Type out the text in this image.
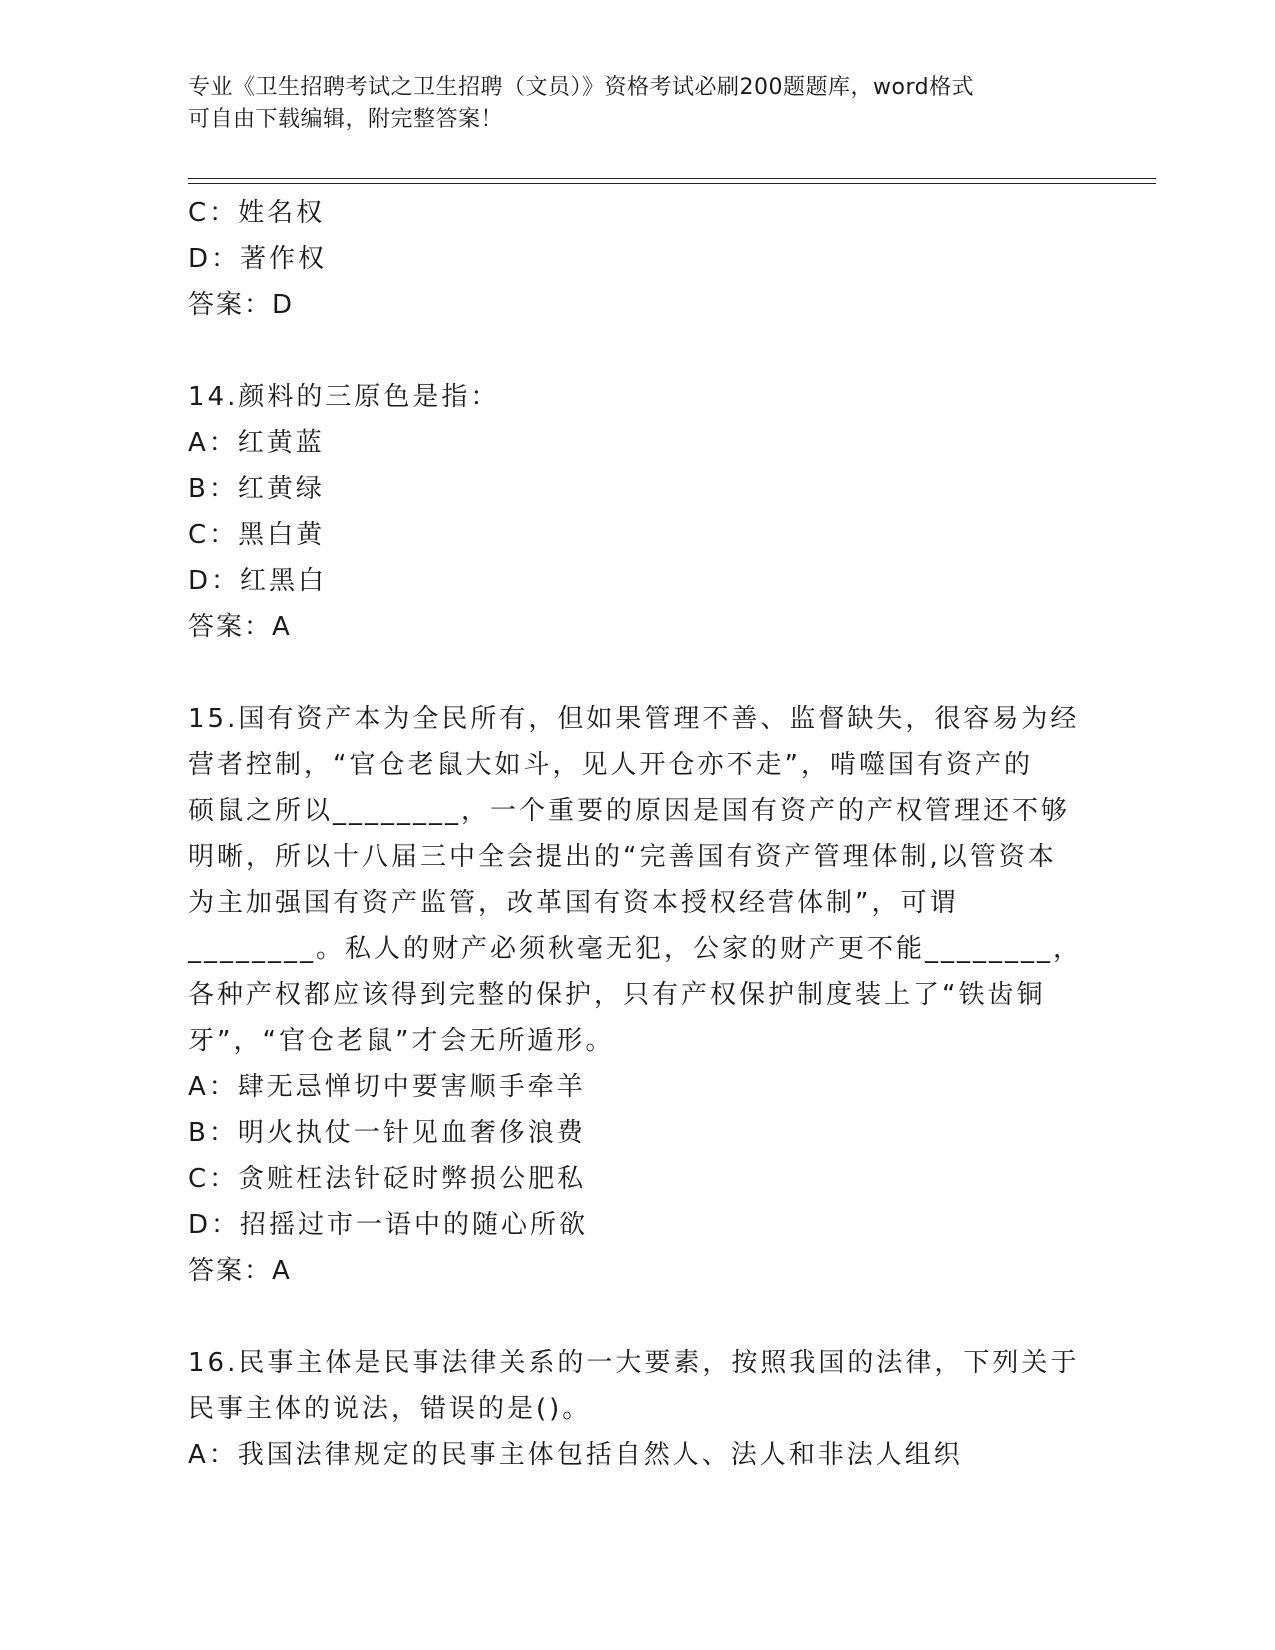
专业《卫生招聘考试之卫生招聘（文员）》资格考试必刷200题题库，word格式
可自由下载编辑，附完整答案！
C：姓名权
D：著作权
答案：D
14.颜料的三原色是指：
A：红黄蓝
B：红黄绿
C：黑白黄
D：红黑白
答案：A
15.国有资产本为全民所有，但如果管理不善、监督缺失，很容易为经
营者控制，“官仓老鼠大如斗，见人开仓亦不走”，啃噬国有资产的
硕鼠之所以________，一个重要的原因是国有资产的产权管理还不够
明晰，所以十八届三中全会提出的“完善国有资产管理体制,以管资本
为主加强国有资产监管，改革国有资本授权经营体制”，可谓
________。私人的财产必须秋毫无犯，公家的财产更不能________，
各种产权都应该得到完整的保护，只有产权保护制度装上了“铁齿铜
牙”，“官仓老鼠”才会无所遁形。
A：肆无忌惮切中要害顺手牵羊
B：明火执仗一针见血奢侈浪费
C：贪赃枉法针砭时弊损公肥私
D：招摇过市一语中的随心所欲
答案：A
16.民事主体是民事法律关系的一大要素，按照我国的法律，下列关于
民事主体的说法，错误的是()。
A：我国法律规定的民事主体包括自然人、法人和非法人组织
